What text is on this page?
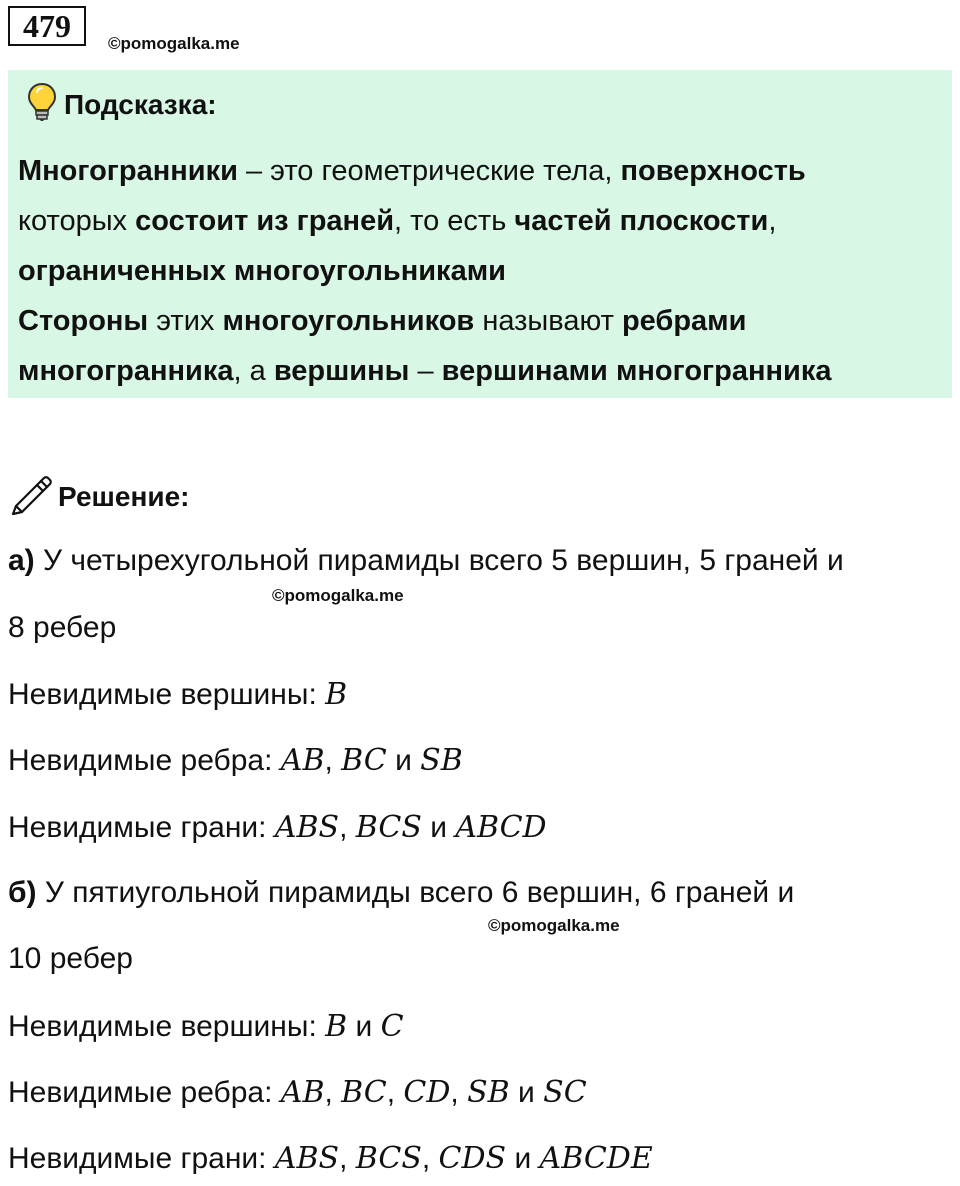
479	©pomogalka.me
Подсказка:
Многогранники – это геометрические тела, поверхность
которых состоит из граней, то есть частей плоскости,
ограниченных многоугольниками
Стороны этих многоугольников называют ребрами
многогранника, а вершины – вершинами многогранника
Решение:
а) У четырехугольной пирамиды всего 5 вершин, 5 граней и
©pomogalka.me
8 ребер
Невидимые вершины: B
Невидимые ребра: AB, BC и SB
Невидимые грани: ABS, BCS и ABCD
б) У пятиугольной пирамиды всего 6 вершин, 6 граней и
©pomogalka.me
10 ребер
Невидимые вершины: B и C
Невидимые ребра: AB, BC, CD, SB и SC
Невидимые грани: ABS, BCS, CDS и ABCDE
